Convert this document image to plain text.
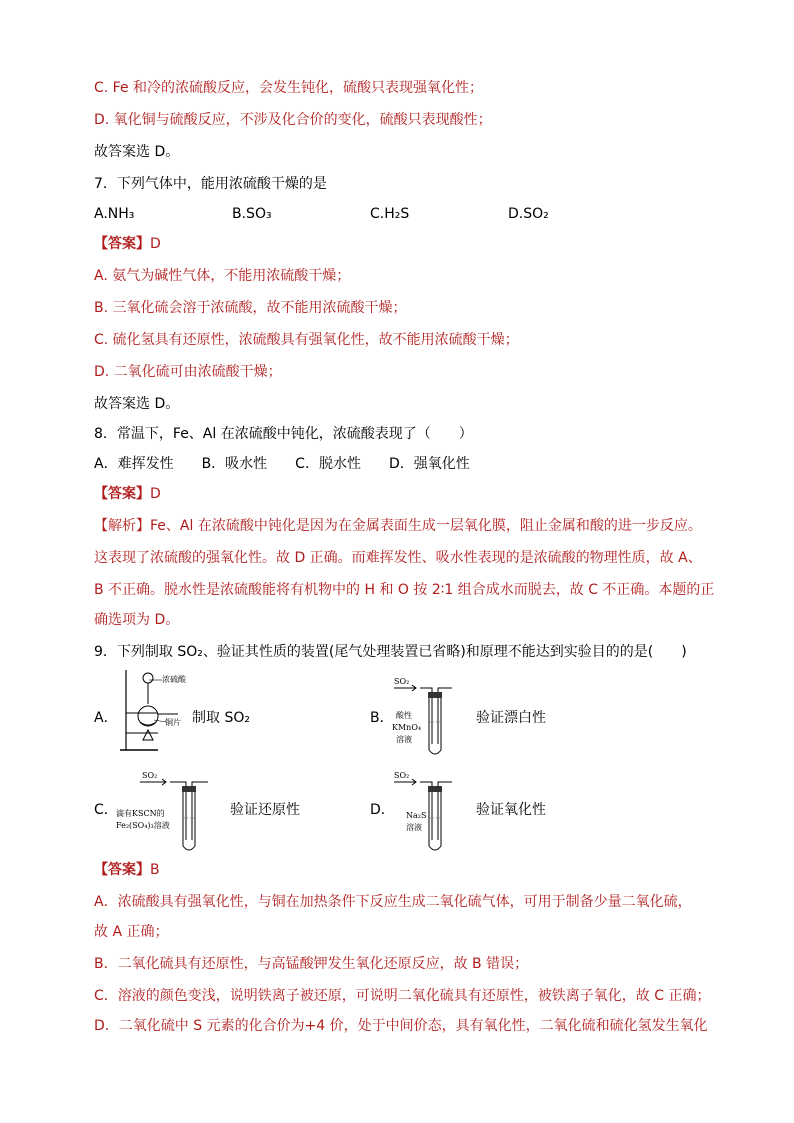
C. Fe 和冷的浓硫酸反应，会发生钝化，硫酸只表现强氧化性；
D. 氧化铜与硫酸反应，不涉及化合价的变化，硫酸只表现酸性；
故答案选 D。
7．下列气体中，能用浓硫酸干燥的是
A.NH₃	B.SO₃	C.H₂S	D.SO₂
【答案】D
A. 氨气为碱性气体，不能用浓硫酸干燥；
B. 三氧化硫会溶于浓硫酸，故不能用浓硫酸干燥；
C. 硫化氢具有还原性，浓硫酸具有强氧化性，故不能用浓硫酸干燥；
D. 二氧化硫可由浓硫酸干燥；
故答案选 D。
8．常温下，Fe、Al 在浓硫酸中钝化，浓硫酸表现了（　　）
A．难挥发性　　B．吸水性　　C．脱水性　　D．强氧化性
【答案】D
【解析】Fe、Al 在浓硫酸中钝化是因为在金属表面生成一层氧化膜，阻止金属和酸的进一步反应。
这表现了浓硫酸的强氧化性。故 D 正确。而难挥发性、吸水性表现的是浓硫酸的物理性质，故 A、
B 不正确。脱水性是浓硫酸能将有机物中的 H 和 O 按 2∶1 组合成水而脱去，故 C 不正确。本题的正
确选项为 D。
9．下列制取 SO₂、验证其性质的装置(尾气处理装置已省略)和原理不能达到实验目的的是(　　)
A．
浓硫酸
铜片 制取 SO₂	B．
SO₂
酸性
KMnO₄
溶液
验证漂白性
C．
SO₂
滴有KSCN的
Fe₂(SO₄)₃溶液
验证还原性	D．
SO₂
Na₂S
溶液
验证氧化性
【答案】B
A．浓硫酸具有强氧化性，与铜在加热条件下反应生成二氧化硫气体，可用于制备少量二氧化硫，
故 A 正确；
B．二氧化硫具有还原性，与高锰酸钾发生氧化还原反应，故 B 错误；
C．溶液的颜色变浅，说明铁离子被还原，可说明二氧化硫具有还原性，被铁离子氧化，故 C 正确；
D．二氧化硫中 S 元素的化合价为+4 价，处于中间价态，具有氧化性，二氧化硫和硫化氢发生氧化
